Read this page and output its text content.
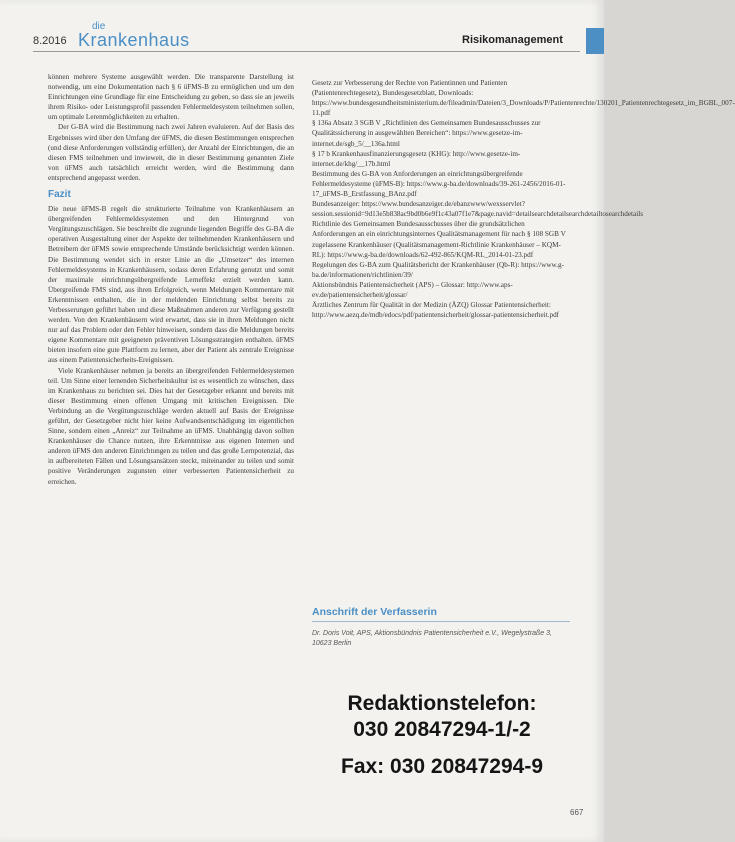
8.2016
die
Krankenhaus	Risikomanagement

können mehrere Systeme ausgewählt werden. Die transparente Darstellung ist notwendig, um eine Dokumentation nach § 6 üFMS-B zu ermöglichen und um den Einrichtungen eine Grundlage für eine Entscheidung zu geben, so dass sie an jeweils ihrem Risiko- oder Leistungsprofil passenden Fehlermeldesystem teilnehmen sollen, um optimale Lerenmöglichkeiten zu erhalten.

Der G-BA wird die Bestimmung nach zwei Jahren evaluieren. Auf der Basis des Ergebnisses wird über den Umfang der üFMS, die diesen Bestimmungen entsprechen (und diese Anforderungen vollständig erfüllen), der Anzahl der Einrichtungen, die an diesen FMS teilnehmen und inwieweit, die in dieser Bestimmung genannten Ziele von üFMS auch tatsächlich erreicht werden, wird die Bestimmung dann entsprechend angepasst werden.

Fazit

Die neue üFMS-B regelt die strukturierte Teilnahme von Krankenhäusern an übergreifenden Fehlermeldesystemen und den Hintergrund von Vergütungszuschlägen. Sie beschreibt die zugrunde liegenden Begriffe des G-BA die operativen Ausgestaltung einer der Aspekte der teilnehmenden Krankenhäusern und Betreibern der üFMS sowie entsprechende Umstände berücksichtigt werden können. Die Bestimmung wendet sich in erster Linie an die „Umsetzer“ des internen Fehlermeldesystems in Krankenhäusern, sodass deren Erfahrung genutzt und somit der maximale einrichtungsübergreifende Lerneffekt erzielt werden kann. Übergreifende FMS sind, aus ihren Erfolgreich, wenn Meldungen Kommentare mit Erkenntnissen enthalten, die in der meldenden Einrichtung selbst bereits zu Verbesserungen geführt haben und diese Maßnahmen anderen zur Verfügung gestellt werden. Von den Krankenhäusern wird erwartet, dass sie in ihren Meldungen nicht nur auf das Problem oder den Fehler hinweisen, sondern dass die Meldungen bereits eigene Kommentare mit geeigneten präventiven Lösungsstrategien enthalten. üFMS bieten insofern eine gute Plattform zu lernen, aber der Patient als zentrale Ereignisse aus einem Patientensicherheits-Ereignissen.

Viele Krankenhäuser nehmen ja bereits an übergreifenden Fehlermeldesystemen teil. Um Sinne einer lernenden Sicherheitskultur ist es wesentlich zu wünschen, dass im Krankenhaus zu berichten sei. Dies hat der Gesetzgeber erkannt und bereits mit dieser Bestimmung einen offenen Umgang mit kritischen Ereignissen. Die Verbindung an die Vergütungszuschläge werden aktuell auf Basis der Ereignisse geführt, der Gesetzgeber nicht hier keine Aufwandsentschädigung im eigentlichen Sinne, sondern einen „Anreiz“ zur Teilnahme an üFMS. Unabhängig davon sollten Krankenhäuser die Chance nutzen, ihre Erkenntnisse aus eigenen Internen und anderen üFMS den anderen Einrichtungen zu teilen und das große Lernpotenzial, das in aufbereiteten Fällen und Lösungsansätzen steckt, miteinander zu teilen und somit positive Veränderungen zugunsten einer verbesserten Patientensicherheit zu erreichen.

Gesetz zur Verbesserung der Rechte von Patientinnen und Patienten (Patientenrechtegesetz), Bundesgesetzblatt, Downloads: https://www.bundesgesundheitsministerium.de/fileadmin/Dateien/3_Downloads/P/Patientenrechte/130201_Patientenrechtegesetz_im_BGBL_007-11.pdf

§ 136a Absatz 3 SGB V „Richtlinien des Gemeinsamen Bundesausschusses zur Qualitätssicherung in ausgewählten Bereichen“: https://www.gesetze-im-internet.de/sgb_5/__136a.html

§ 17 b Krankenhausfinanzierungsgesetz (KHG): http://www.gesetze-im-internet.de/khg/__17b.html

Bestimmung des G-BA von Anforderungen an einrichtungsübergreifende Fehlermeldesysteme (üFMS-B): https://www.g-ba.de/downloads/39-261-2456/2016-01-17_üFMS-B_Erstfassung_BAnz.pdf

Bundesanzeiger: https://www.bundesanzeiger.de/ebanzwww/wexsservlet?session.sessionid=9d13e5b838ac9bd0b6e9f1c43a07f1e7&page.navid=detailsearchdetailsearchdetailtosearchdetails

Richtlinie des Gemeinsamen Bundesausschusses über die grundsätzlichen Anforderungen an ein einrichtungsinternes Qualitätsmanagement für nach § 108 SGB V zugelassene Krankenhäuser (Qualitätsmanagement-Richtlinie Krankenhäuser – KQM-RL): https://www.g-ba.de/downloads/62-492-865/KQM-RL_2014-01-23.pdf

Regelungen des G-BA zum Qualitätsbericht der Krankenhäuser (Qb-R): https://www.g-ba.de/informationen/richtlinien/39/

Aktionsbündnis Patientensicherheit (APS) – Glossar: http://www.aps-ev.de/patientensicherheit/glossar/

Ärztliches Zentrum für Qualität in der Medizin (ÄZQ) Glossar Patientensicherheit: http://www.aezq.de/mdb/edocs/pdf/patientensicherheit/glossar-patientensicherheit.pdf

Anschrift der Verfasserin
Dr. Doris Voit, APS, Aktionsbündnis Patientensicherheit e.V., Wegelystraße 3, 10623 Berlin
Redaktionstelefon:
030 20847294-1/-2
Fax: 030 20847294-9
667
